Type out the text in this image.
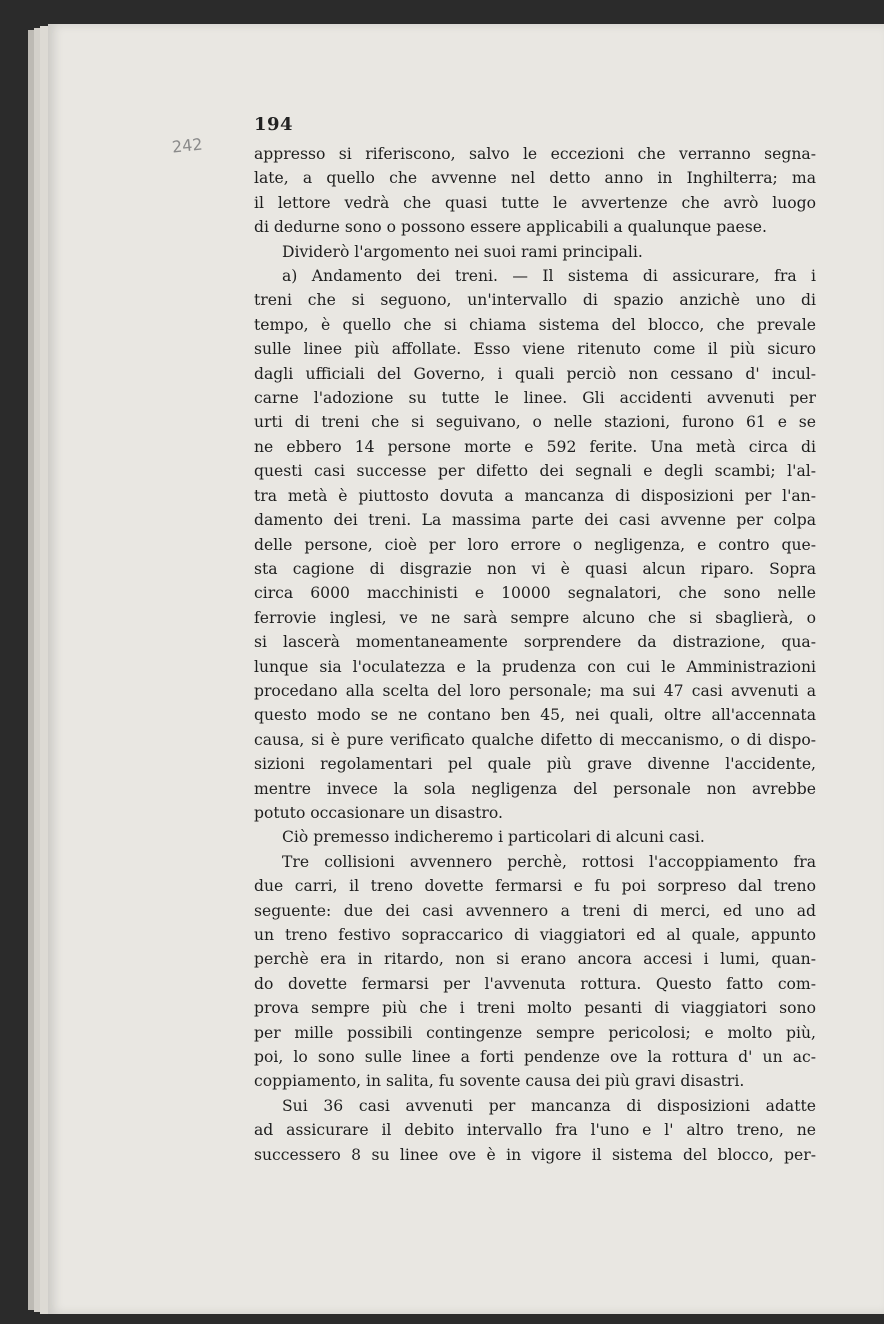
242
194
appresso si riferiscono, salvo le eccezioni che verranno segna-
late, a quello che avvenne nel detto anno in Inghilterra; ma
il lettore vedrà che quasi tutte le avvertenze che avrò luogo
di dedurne sono o possono essere applicabili a qualunque paese.
Dividerò l'argomento nei suoi rami principali.
a) Andamento dei treni. — Il sistema di assicurare, fra i
treni che si seguono, un'intervallo di spazio anzichè uno di
tempo, è quello che si chiama sistema del blocco, che prevale
sulle linee più affollate. Esso viene ritenuto come il più sicuro
dagli ufficiali del Governo, i quali perciò non cessano d' incul-
carne l'adozione su tutte le linee. Gli accidenti avvenuti per
urti di treni che si seguivano, o nelle stazioni, furono 61 e se
ne ebbero 14 persone morte e 592 ferite. Una metà circa di
questi casi successe per difetto dei segnali e degli scambi; l'al-
tra metà è piuttosto dovuta a mancanza di disposizioni per l'an-
damento dei treni. La massima parte dei casi avvenne per colpa
delle persone, cioè per loro errore o negligenza, e contro que-
sta cagione di disgrazie non vi è quasi alcun riparo. Sopra
circa 6000 macchinisti e 10000 segnalatori, che sono nelle
ferrovie inglesi, ve ne sarà sempre alcuno che si sbaglierà, o
si lascerà momentaneamente sorprendere da distrazione, qua-
lunque sia l'oculatezza e la prudenza con cui le Amministrazioni
procedano alla scelta del loro personale; ma sui 47 casi avvenuti a
questo modo se ne contano ben 45, nei quali, oltre all'accennata
causa, si è pure verificato qualche difetto di meccanismo, o di dispo-
sizioni regolamentari pel quale più grave divenne l'accidente,
mentre invece la sola negligenza del personale non avrebbe
potuto occasionare un disastro.
Ciò premesso indicheremo i particolari di alcuni casi.
Tre collisioni avvennero perchè, rottosi l'accoppiamento fra
due carri, il treno dovette fermarsi e fu poi sorpreso dal treno
seguente: due dei casi avvennero a treni di merci, ed uno ad
un treno festivo sopraccarico di viaggiatori ed al quale, appunto
perchè era in ritardo, non si erano ancora accesi i lumi, quan-
do dovette fermarsi per l'avvenuta rottura. Questo fatto com-
prova sempre più che i treni molto pesanti di viaggiatori sono
per mille possibili contingenze sempre pericolosi; e molto più,
poi, lo sono sulle linee a forti pendenze ove la rottura d' un ac-
coppiamento, in salita, fu sovente causa dei più gravi disastri.
Sui 36 casi avvenuti per mancanza di disposizioni adatte
ad assicurare il debito intervallo fra l'uno e l' altro treno, ne
successero 8 su linee ove è in vigore il sistema del blocco, per-
